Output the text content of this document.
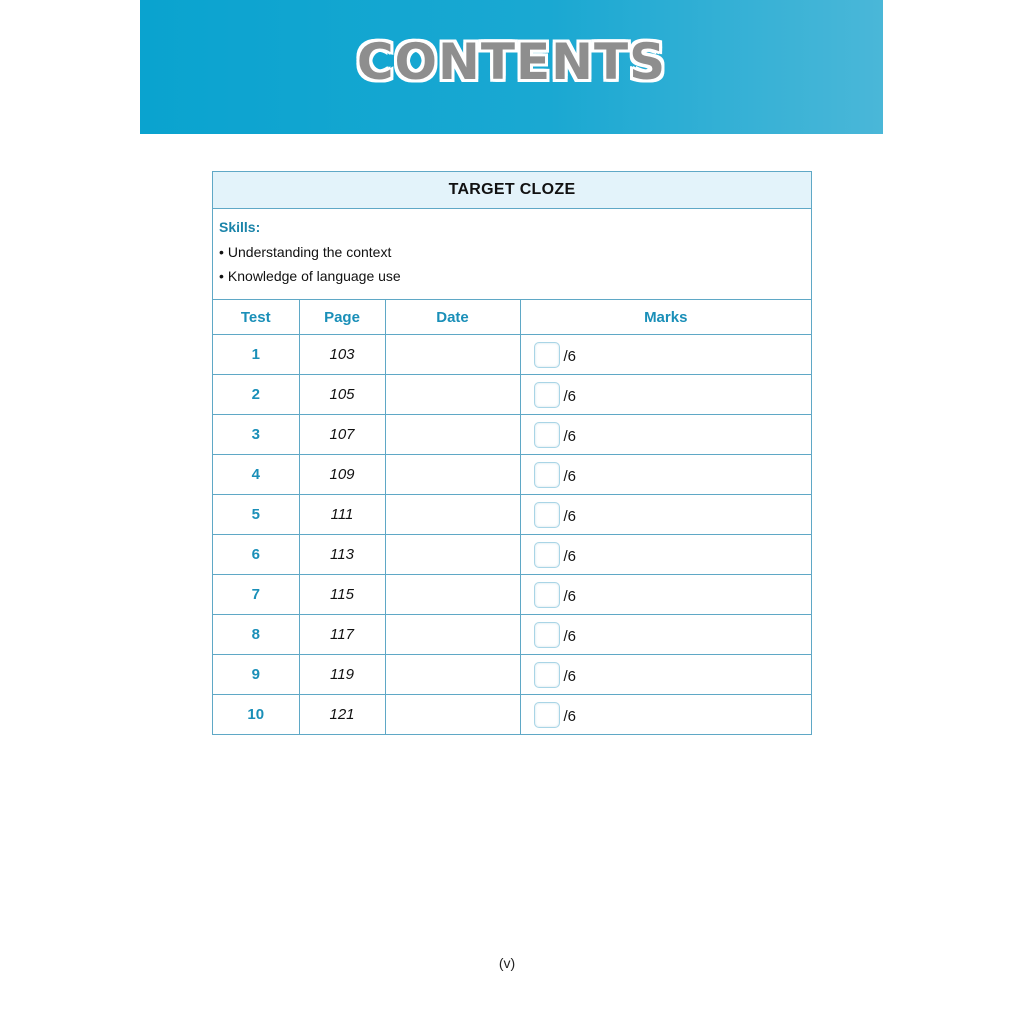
CONTENTS
TARGET CLOZE
Skills:
• Understanding the context
• Knowledge of language use
Test	Page	Date	Marks
1	103		/6
2	105		/6
3	107		/6
4	109		/6
5	111		/6
6	113		/6
7	115		/6
8	117		/6
9	119		/6
10	121		/6
(v)
